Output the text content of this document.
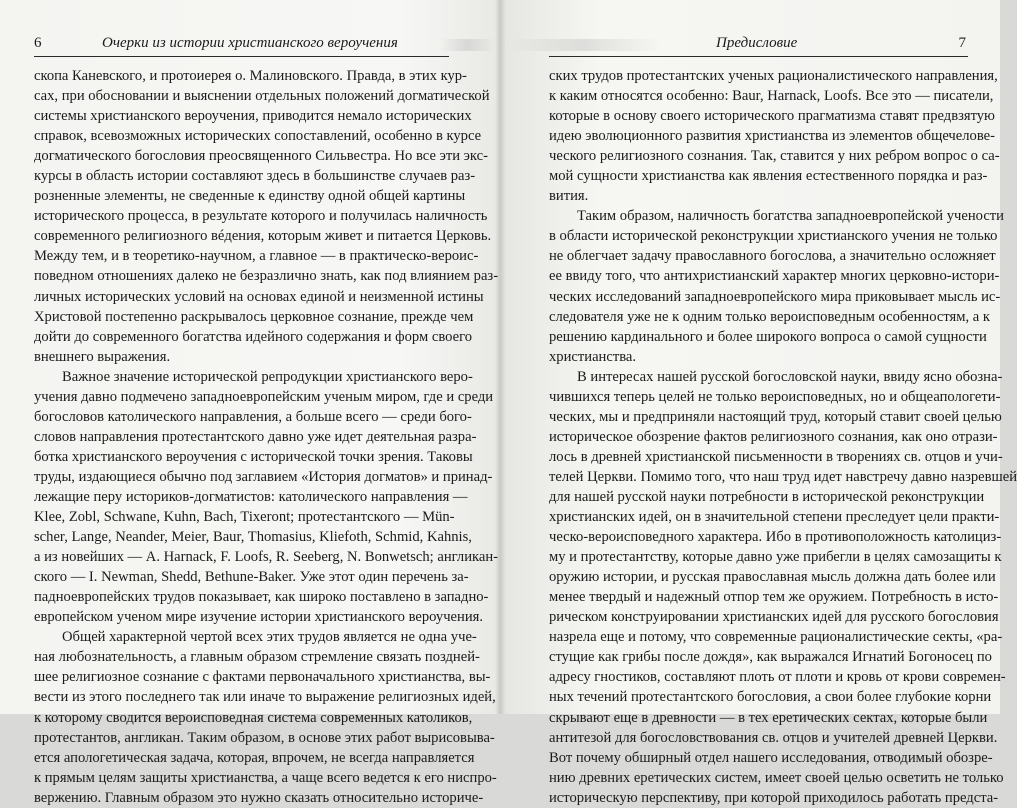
6	Очерки из истории христианского вероучения
скопа Каневского, и протоиерея о. Малиновского. Правда, в этих кур-
сах, при обосновании и выяснении отдельных положений догматической
системы христианского вероучения, приводится немало исторических
справок, всевозможных исторических сопоставлений, особенно в курсе
догматического богословия преосвященного Сильвестра. Но все эти экс-
курсы в область истории составляют здесь в большинстве случаев раз-
розненные элементы, не сведенные к единству одной общей картины
исторического процесса, в результате которого и получилась наличность
современного религиозного вéдения, которым живет и питается Церковь.
Между тем, и в теоретико-научном, а главное — в практическо-вероис-
поведном отношениях далеко не безразлично знать, как под влиянием раз-
личных исторических условий на основах единой и неизменной истины
Христовой постепенно раскрывалось церковное сознание, прежде чем
дойти до современного богатства идейного содержания и форм своего
внешнего выражения.
Важное значение исторической репродукции христианского веро-
учения давно подмечено западноевропейским ученым миром, где и среди
богословов католического направления, а больше всего — среди бого-
словов направления протестантского давно уже идет деятельная разра-
ботка христианского вероучения с исторической точки зрения. Таковы
труды, издающиеся обычно под заглавием «История догматов» и принад-
лежащие перу историков-догматистов: католического направления —
Klee, Zobl, Schwane, Kuhn, Bach, Tixeront; протестантского — Mün-
scher, Lange, Neander, Meier, Baur, Thomasius, Kliefoth, Schmid, Kahnis,
а из новейших — A. Harnack, F. Loofs, R. Seeberg, N. Bonwetsch; англикан-
ского — I. Newman, Shedd, Bethune-Baker. Уже этот один перечень за-
падноевропейских трудов показывает, как широко поставлено в западно-
европейском ученом мире изучение истории христианского вероучения.
Общей характерной чертой всех этих трудов является не одна уче-
ная любознательность, а главным образом стремление связать поздней-
шее религиозное сознание с фактами первоначального христианства, вы-
вести из этого последнего так или иначе то выражение религиозных идей,
к которому сводится вероисповедная система современных католиков,
протестантов, англикан. Таким образом, в основе этих работ вырисовыва-
ется апологетическая задача, которая, впрочем, не всегда направляется
к прямым целям защиты христианства, а чаще всего ведется к его ниспро-
вержению. Главным образом это нужно сказать относительно историче-
Предисловие	7
ских трудов протестантских ученых рационалистического направления,
к каким относятся особенно: Baur, Harnack, Loofs. Все это — писатели,
которые в основу своего исторического прагматизма ставят предвзятую
идею эволюционного развития христианства из элементов общечелове-
ческого религиозного сознания. Так, ставится у них ребром вопрос о са-
мой сущности христианства как явления естественного порядка и раз-
вития.
Таким образом, наличность богатства западноевропейской учености
в области исторической реконструкции христианского учения не только
не облегчает задачу православного богослова, а значительно осложняет
ее ввиду того, что антихристианский характер многих церковно-истори-
ческих исследований западноевропейского мира приковывает мысль ис-
следователя уже не к одним только вероисповедным особенностям, а к
решению кардинального и более широкого вопроса о самой сущности
христианства.
В интересах нашей русской богословской науки, ввиду ясно обозна-
чившихся теперь целей не только вероисповедных, но и общеапологети-
ческих, мы и предприняли настоящий труд, который ставит своей целью
историческое обозрение фактов религиозного сознания, как оно отрази-
лось в древней христианской письменности в творениях св. отцов и учи-
телей Церкви. Помимо того, что наш труд идет навстречу давно назревшей
для нашей русской науки потребности в исторической реконструкции
христианских идей, он в значительной степени преследует цели практи-
ческо-вероисповедного характера. Ибо в противоположность католициз-
му и протестантству, которые давно уже прибегли в целях самозащиты к
оружию истории, и русская православная мысль должна дать более или
менее твердый и надежный отпор тем же оружием. Потребность в исто-
рическом конструировании христианских идей для русского богословия
назрела еще и потому, что современные рационалистические секты, «ра-
стущие как грибы после дождя», как выражался Игнатий Богоносец по
адресу гностиков, составляют плоть от плоти и кровь от крови современ-
ных течений протестантского богословия, а свои более глубокие корни
скрывают еще в древности — в тех еретических сектах, которые были
антитезой для богословствования св. отцов и учителей древней Церкви.
Вот почему обширный отдел нашего исследования, отводимый обозре-
нию древних еретических систем, имеет своей целью осветить не только
историческую перспективу, при которой приходилось работать предста-
